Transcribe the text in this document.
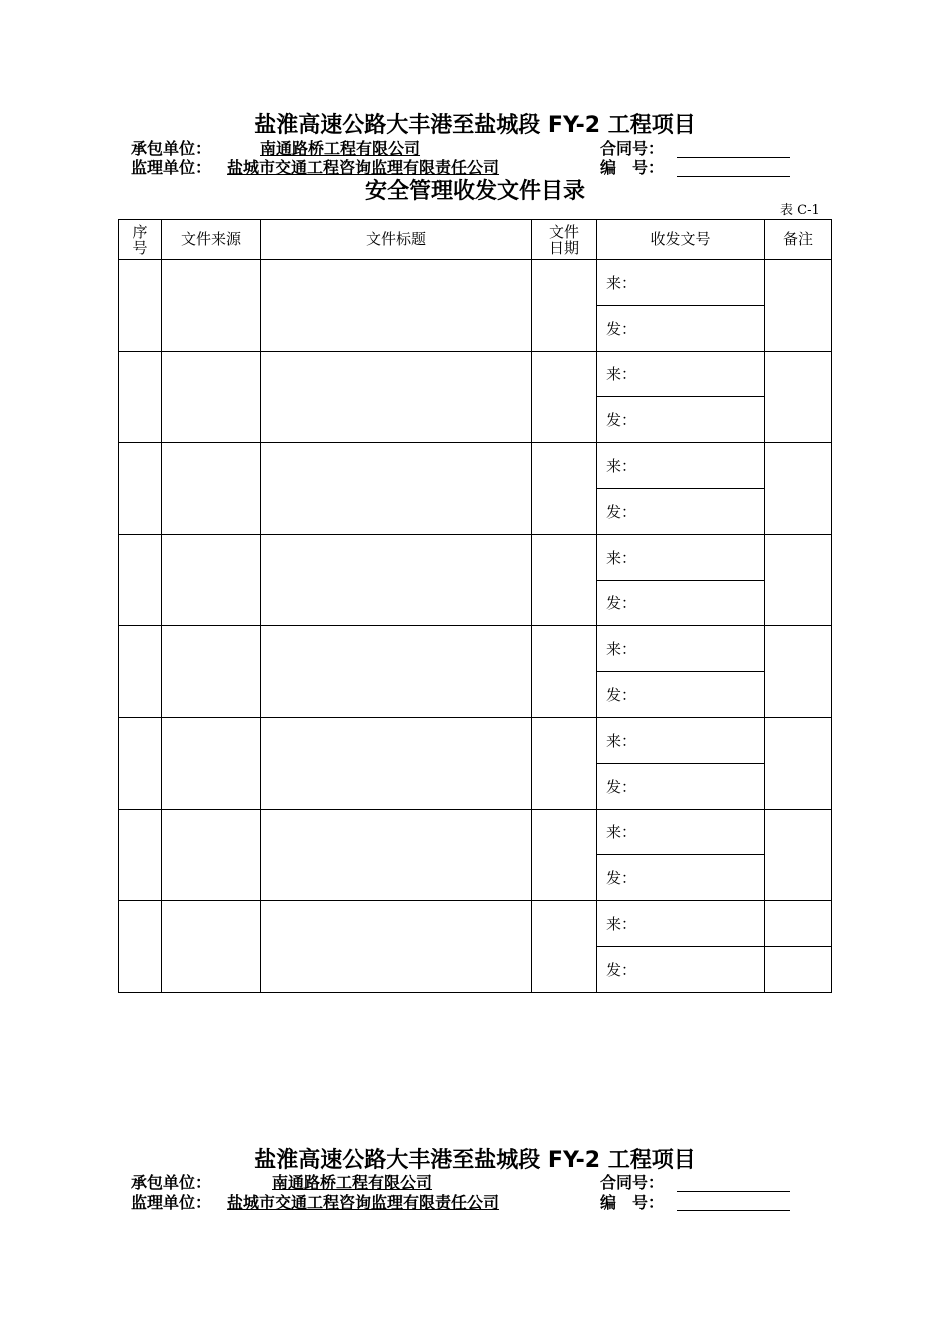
盐淮高速公路大丰港至盐城段 FY-2 工程项目
承包单位：	南通路桥工程有限公司	合同号：
监理单位： 盐城市交通工程咨询监理有限责任公司	编　号：
安全管理收发文件目录
表 C-1
序号	文件来源	文件标题	文件日期	收发文号	备注
				来：	
				发：	
				来：	
				发：	
				来：	
				发：	
				来：	
				发：	
				来：	
				发：	
				来：	
				发：	
				来：	
				发：	
				来：	
				发：	
盐淮高速公路大丰港至盐城段 FY-2 工程项目
承包单位：	南通路桥工程有限公司	合同号：
监理单位： 盐城市交通工程咨询监理有限责任公司	编　号：
